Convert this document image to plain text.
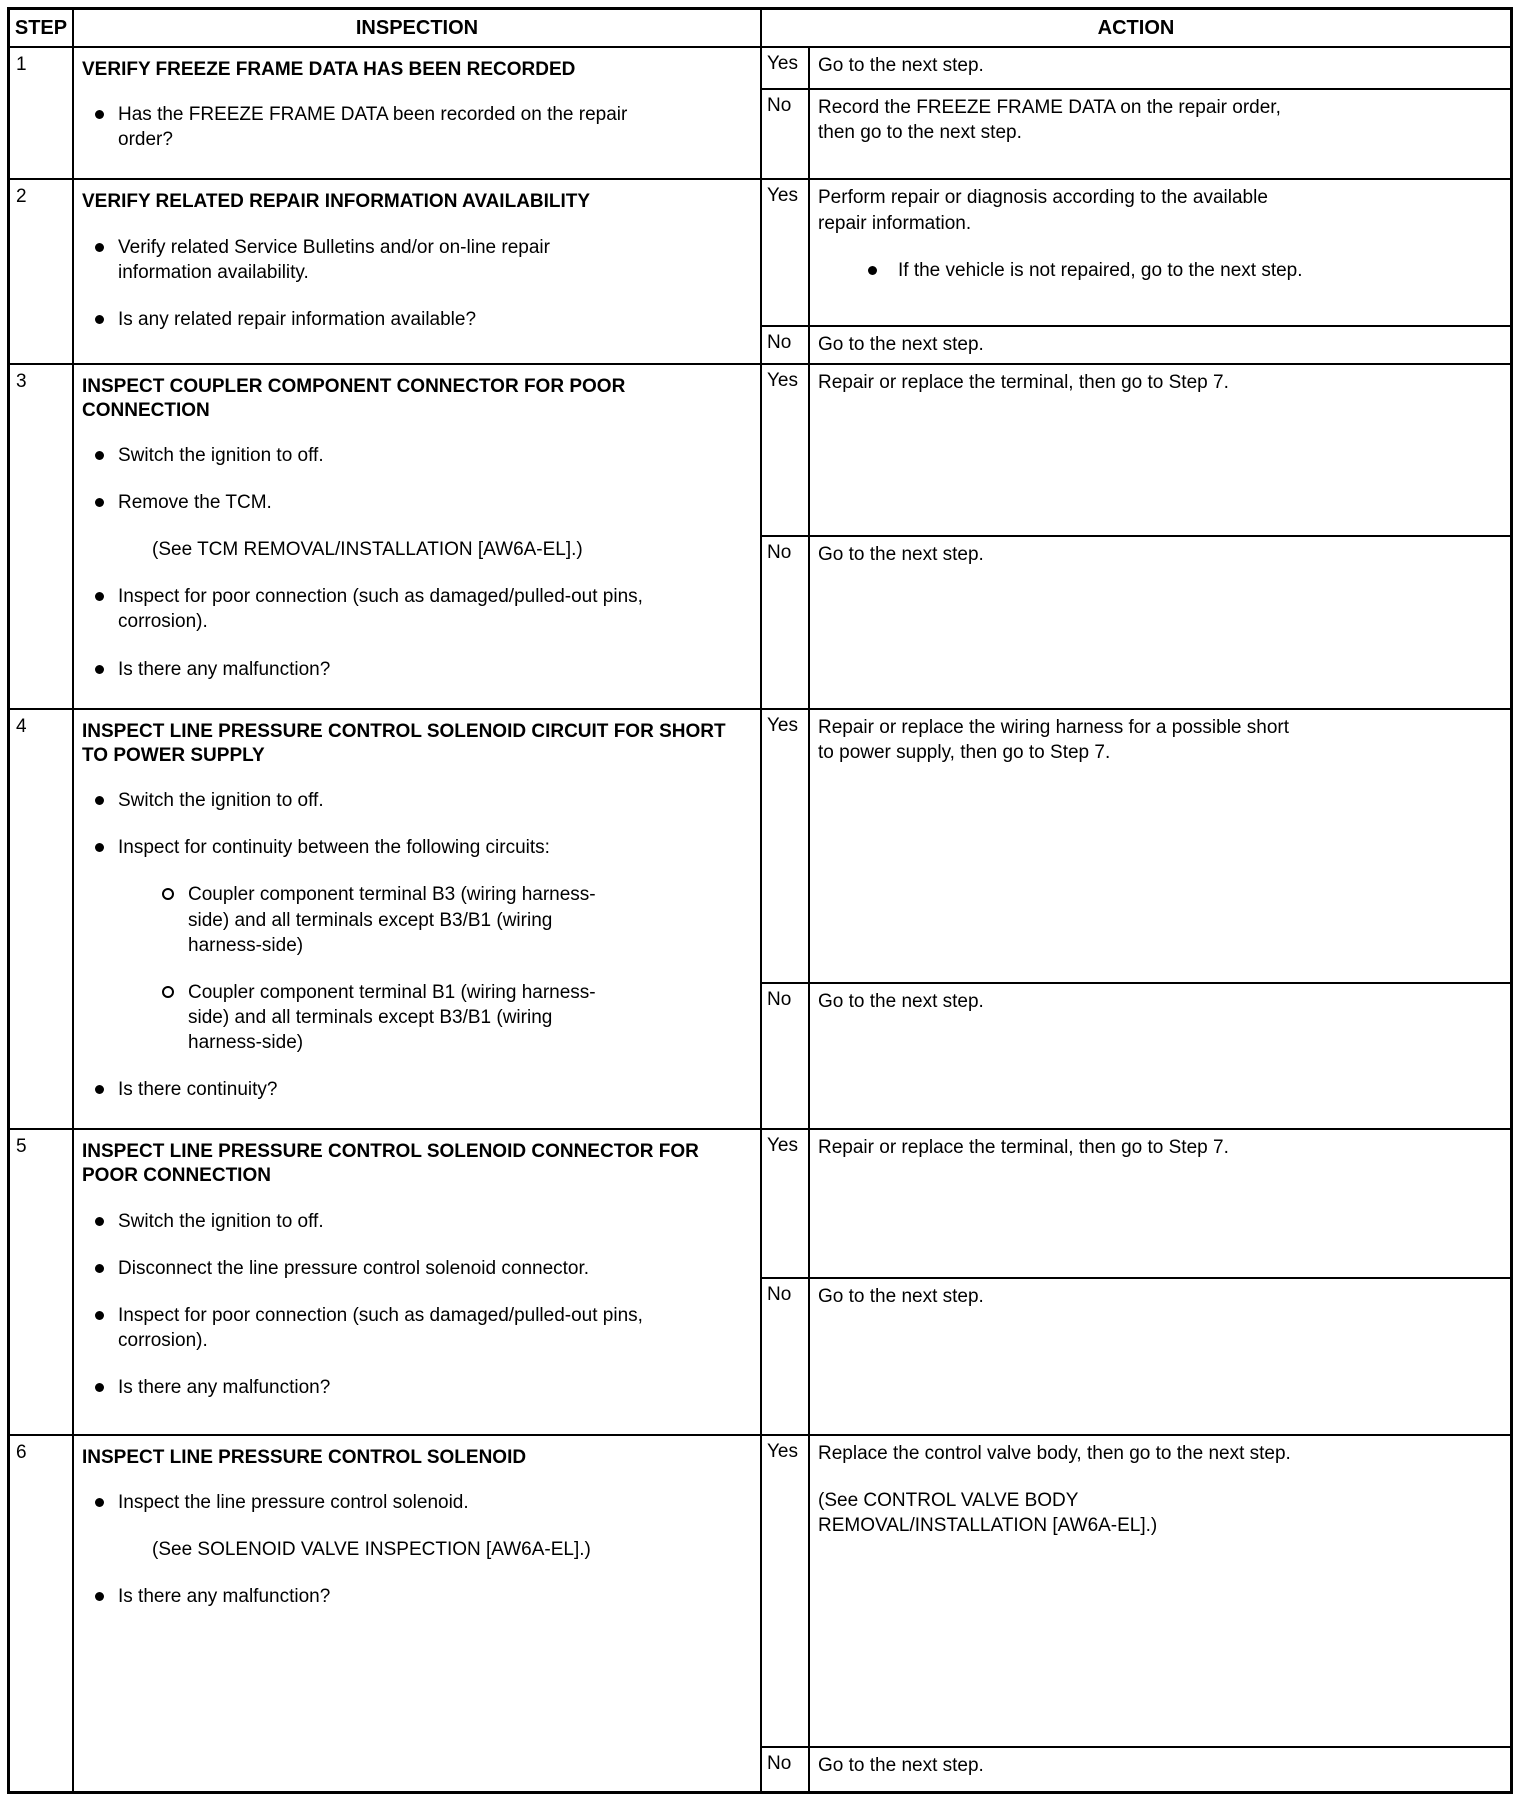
STEP	INSPECTION	ACTION
1	VERIFY FREEZE FRAME DATA HAS BEEN RECORDED
Has the FREEZE FRAME DATA been recorded on the repair order?
Yes	Go to the next step.
No	Record the FREEZE FRAME DATA on the repair order, then go to the next step.
2	VERIFY RELATED REPAIR INFORMATION AVAILABILITY
Verify related Service Bulletins and/or on-line repair information availability.
Is any related repair information available?
Yes	Perform repair or diagnosis according to the available repair information.
If the vehicle is not repaired, go to the next step.
No	Go to the next step.
3	INSPECT COUPLER COMPONENT CONNECTOR FOR POOR CONNECTION
Switch the ignition to off.
Remove the TCM.
(See TCM REMOVAL/INSTALLATION [AW6A-EL].)
Inspect for poor connection (such as damaged/pulled-out pins, corrosion).
Is there any malfunction?
Yes	Repair or replace the terminal, then go to Step 7.
No	Go to the next step.
4	INSPECT LINE PRESSURE CONTROL SOLENOID CIRCUIT FOR SHORT TO POWER SUPPLY
Switch the ignition to off.
Inspect for continuity between the following circuits:
Coupler component terminal B3 (wiring harness-side) and all terminals except B3/B1 (wiring harness-side)
Coupler component terminal B1 (wiring harness-side) and all terminals except B3/B1 (wiring harness-side)
Is there continuity?
Yes	Repair or replace the wiring harness for a possible short to power supply, then go to Step 7.
No	Go to the next step.
5	INSPECT LINE PRESSURE CONTROL SOLENOID CONNECTOR FOR POOR CONNECTION
Switch the ignition to off.
Disconnect the line pressure control solenoid connector.
Inspect for poor connection (such as damaged/pulled-out pins, corrosion).
Is there any malfunction?
Yes	Repair or replace the terminal, then go to Step 7.
No	Go to the next step.
6	INSPECT LINE PRESSURE CONTROL SOLENOID
Inspect the line pressure control solenoid.
(See SOLENOID VALVE INSPECTION [AW6A-EL].)
Is there any malfunction?
Yes	Replace the control valve body, then go to the next step.
(See CONTROL VALVE BODY REMOVAL/INSTALLATION [AW6A-EL].)
No	Go to the next step.
